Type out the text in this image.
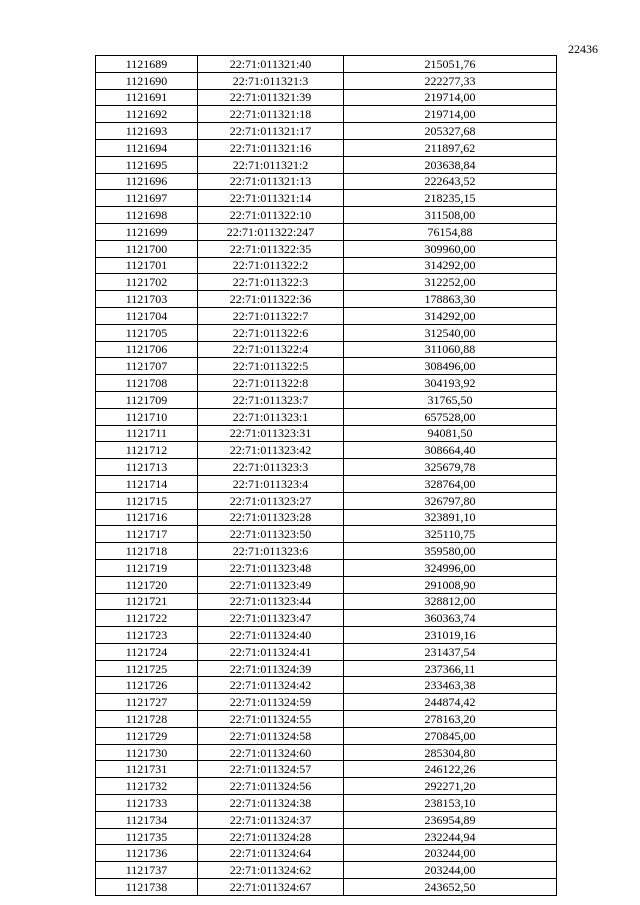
22436
1121689	22:71:011321:40	215051,76
1121690	22:71:011321:3	222277,33
1121691	22:71:011321:39	219714,00
1121692	22:71:011321:18	219714,00
1121693	22:71:011321:17	205327,68
1121694	22:71:011321:16	211897,62
1121695	22:71:011321:2	203638,84
1121696	22:71:011321:13	222643,52
1121697	22:71:011321:14	218235,15
1121698	22:71:011322:10	311508,00
1121699	22:71:011322:247	76154,88
1121700	22:71:011322:35	309960,00
1121701	22:71:011322:2	314292,00
1121702	22:71:011322:3	312252,00
1121703	22:71:011322:36	178863,30
1121704	22:71:011322:7	314292,00
1121705	22:71:011322:6	312540,00
1121706	22:71:011322:4	311060,88
1121707	22:71:011322:5	308496,00
1121708	22:71:011322:8	304193,92
1121709	22:71:011323:7	31765,50
1121710	22:71:011323:1	657528,00
1121711	22:71:011323:31	94081,50
1121712	22:71:011323:42	308664,40
1121713	22:71:011323:3	325679,78
1121714	22:71:011323:4	328764,00
1121715	22:71:011323:27	326797,80
1121716	22:71:011323:28	323891,10
1121717	22:71:011323:50	325110,75
1121718	22:71:011323:6	359580,00
1121719	22:71:011323:48	324996,00
1121720	22:71:011323:49	291008,90
1121721	22:71:011323:44	328812,00
1121722	22:71:011323:47	360363,74
1121723	22:71:011324:40	231019,16
1121724	22:71:011324:41	231437,54
1121725	22:71:011324:39	237366,11
1121726	22:71:011324:42	233463,38
1121727	22:71:011324:59	244874,42
1121728	22:71:011324:55	278163,20
1121729	22:71:011324:58	270845,00
1121730	22:71:011324:60	285304,80
1121731	22:71:011324:57	246122,26
1121732	22:71:011324:56	292271,20
1121733	22:71:011324:38	238153,10
1121734	22:71:011324:37	236954,89
1121735	22:71:011324:28	232244,94
1121736	22:71:011324:64	203244,00
1121737	22:71:011324:62	203244,00
1121738	22:71:011324:67	243652,50
